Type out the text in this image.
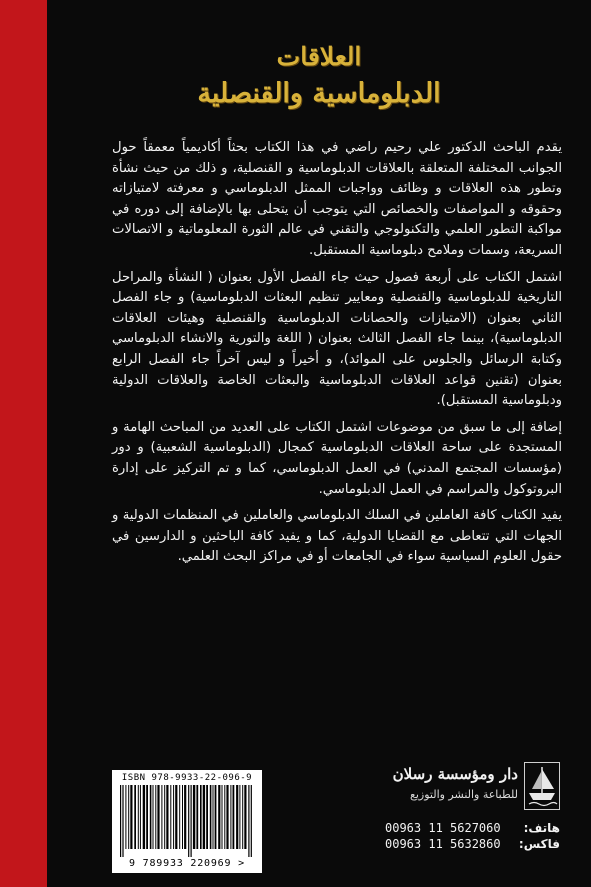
العلاقات
الدبلوماسية والقنصلية

يقدم الباحث الدكتور علي رحيم راضي في هذا الكتاب بحثاً أكاديمياً معمقاً حول الجوانب المختلفة المتعلقة بالعلاقات الدبلوماسية و القنصلية، و ذلك من حيث نشأة وتطور هذه العلاقات و وظائف وواجبات الممثل الدبلوماسي و معرفته لامتيازاته وحقوقه و المواصفات والخصائص التي يتوجب أن يتحلى بها بالإضافة إلى دوره في مواكبة التطور العلمي والتكنولوجي والتقني في عالم الثورة المعلوماتية و الاتصالات السريعة، وسمات وملامح دبلوماسية المستقبل.

اشتمل الكتاب على أربعة فصول حيث جاء الفصل الأول بعنوان ( النشأة والمراحل التاريخية للدبلوماسية والقنصلية ومعايير تنظيم البعثات الدبلوماسية) و جاء الفصل الثاني بعنوان (الامتيازات والحصانات الدبلوماسية والقنصلية وهيئات العلاقات الدبلوماسية)، بينما جاء الفصل الثالث بعنوان ( اللغة والتورية والانشاء الدبلوماسي وكتابة الرسائل والجلوس على الموائد)، و أخيراً و ليس آخراً جاء الفصل الرابع بعنوان (تقنين قواعد العلاقات الدبلوماسية والبعثات الخاصة والعلاقات الدولية ودبلوماسية المستقبل).

إضافة إلى ما سبق من موضوعات اشتمل الكتاب على العديد من المباحث الهامة و المستجدة على ساحة العلاقات الدبلوماسية كمجال (الدبلوماسية الشعبية) و دور (مؤسسات المجتمع المدني) في العمل الدبلوماسي، كما و تم التركيز على إدارة البروتوكول والمراسم في العمل الدبلوماسي.

يفيد الكتاب كافة العاملين في السلك الدبلوماسي والعاملين في المنظمات الدولية و الجهات التي تتعاطى مع القضايا الدولية، كما و يفيد كافة الباحثين و الدارسين في حقول العلوم السياسية سواء في الجامعات أو في مراكز البحث العلمي.

ISBN 978-9933-22-096-9
9 789933 220969 >
دار ومؤسسة رسلان
للطباعة والنشر والتوزيع
هاتف:
00963 11 5627060
فاكس:
00963 11 5632860
